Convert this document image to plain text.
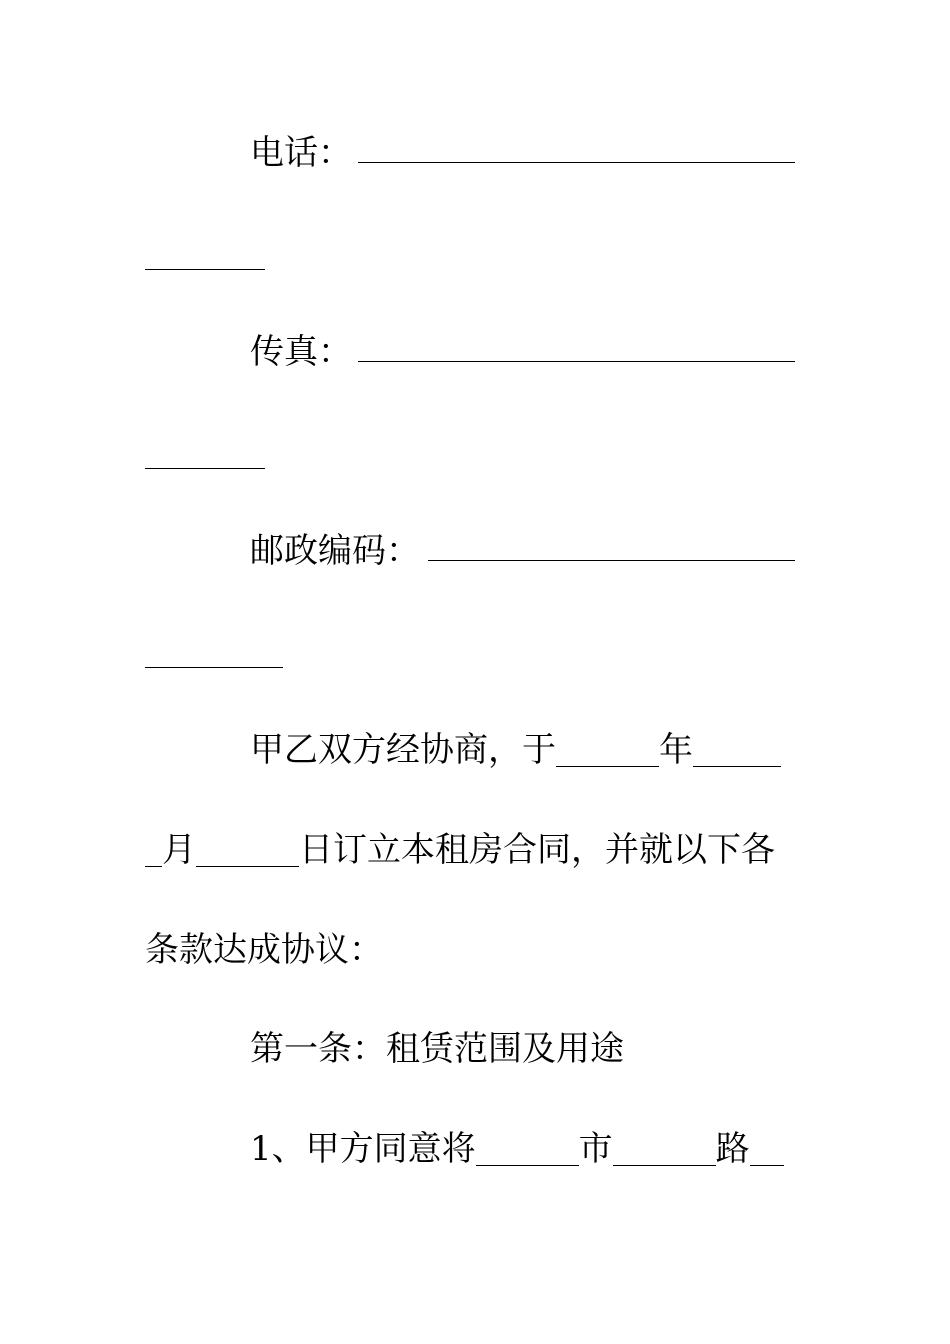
电话：
传真：
邮政编码：
甲乙双方经协商，于	年
月	日订立本租房合同，并就以下各
条款达成协议：
第一条：租赁范围及用途
1、甲方同意将	市	路
